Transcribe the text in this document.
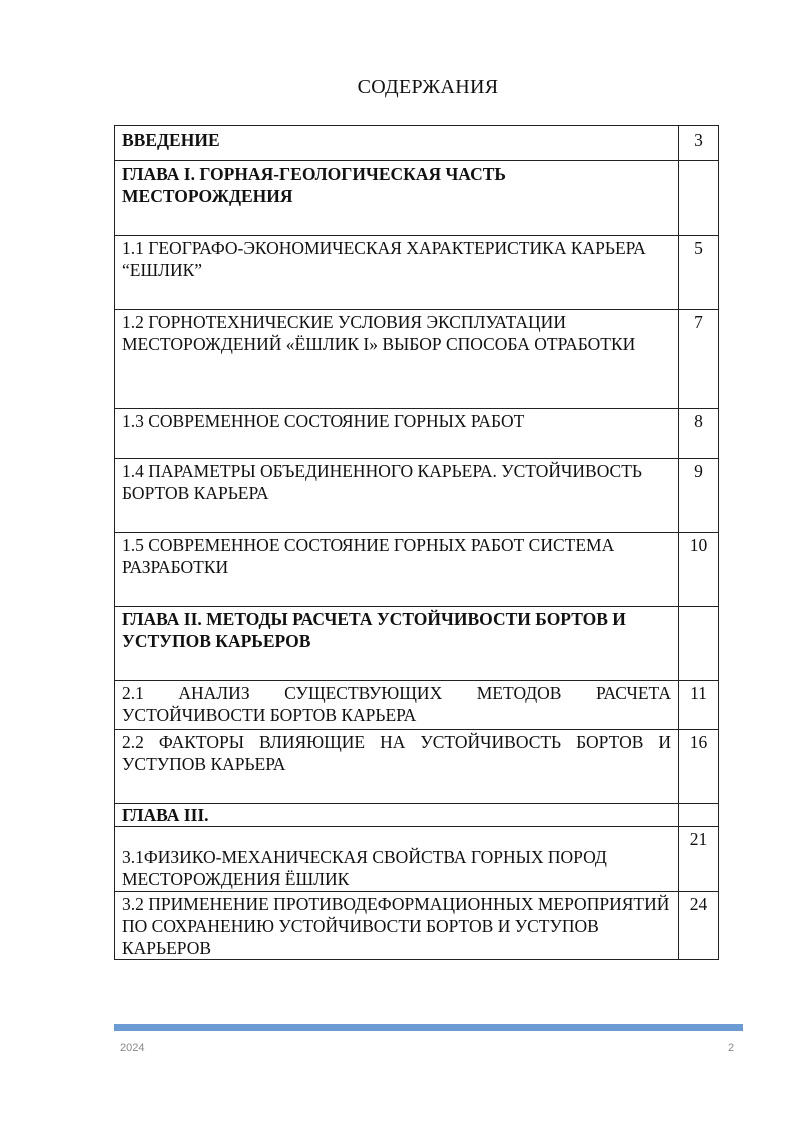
СОДЕРЖАНИЯ
ВВЕДЕНИЕ	3
ГЛАВА I. ГОРНАЯ-ГЕОЛОГИЧЕСКАЯ ЧАСТЬ МЕСТОРОЖДЕНИЯ	
1.1 ГЕОГРАФО-ЭКОНОМИЧЕСКАЯ ХАРАКТЕРИСТИКА КАРЬЕРА “ЕШЛИК”	5
1.2 ГОРНОТЕХНИЧЕСКИЕ УСЛОВИЯ ЭКСПЛУАТАЦИИ МЕСТОРОЖДЕНИЙ «ЁШЛИК I» ВЫБОР СПОСОБА ОТРАБОТКИ	7
1.3 СОВРЕМЕННОЕ СОСТОЯНИЕ ГОРНЫХ РАБОТ	8
1.4 ПАРАМЕТРЫ ОБЪЕДИНЕННОГО КАРЬЕРА. УСТОЙЧИВОСТЬ БОРТОВ КАРЬЕРА	9
1.5 СОВРЕМЕННОЕ СОСТОЯНИЕ ГОРНЫХ РАБОТ СИСТЕМА РАЗРАБОТКИ	10
ГЛАВА II. МЕТОДЫ РАСЧЕТА УСТОЙЧИВОСТИ БОРТОВ И УСТУПОВ КАРЬЕРОВ	
2.1 АНАЛИЗ СУЩЕСТВУЮЩИХ МЕТОДОВ РАСЧЕТА УСТОЙЧИВОСТИ БОРТОВ КАРЬЕРА	11
2.2 ФАКТОРЫ ВЛИЯЮЩИЕ НА УСТОЙЧИВОСТЬ БОРТОВ И УСТУПОВ КАРЬЕРА	16
ГЛАВА III.	
3.1ФИЗИКО-МЕХАНИЧЕСКАЯ СВОЙСТВА ГОРНЫХ ПОРОД МЕСТОРОЖДЕНИЯ ЁШЛИК	21
3.2 ПРИМЕНЕНИЕ ПРОТИВОДЕФОРМАЦИОННЫХ МЕРОПРИЯТИЙ ПО СОХРАНЕНИЮ УСТОЙЧИВОСТИ БОРТОВ И УСТУПОВ КАРЬЕРОВ	24
2024	2
